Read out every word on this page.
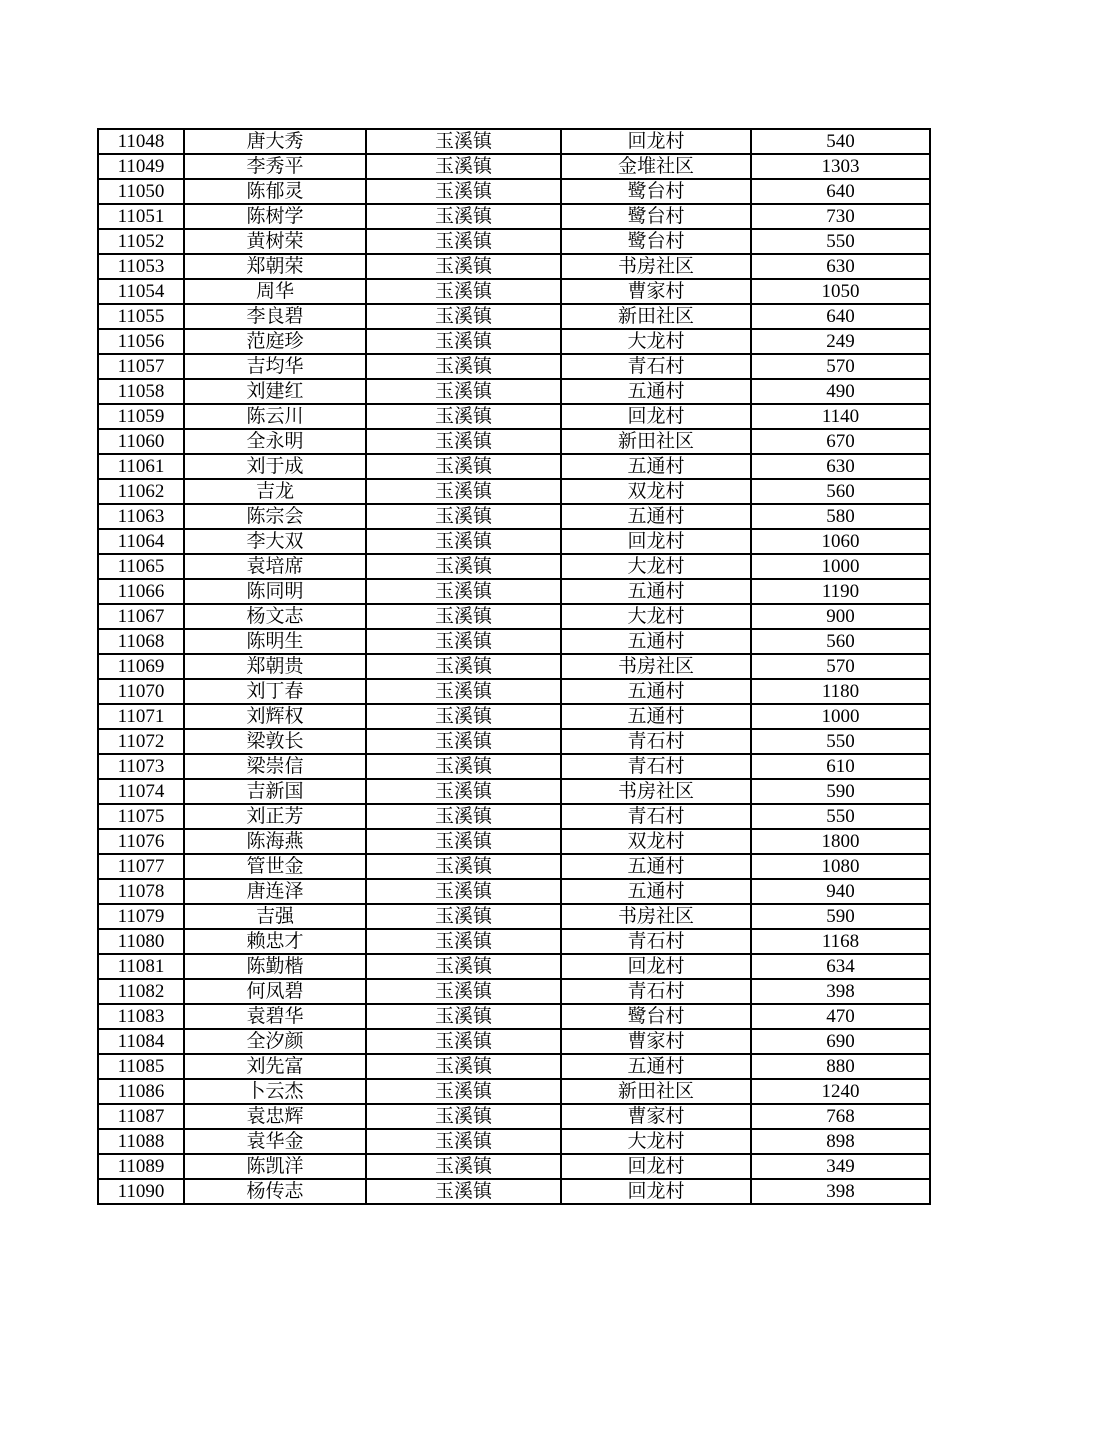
11048	唐大秀	玉溪镇	回龙村	540
11049	李秀平	玉溪镇	金堆社区	1303
11050	陈郁灵	玉溪镇	鹭台村	640
11051	陈树学	玉溪镇	鹭台村	730
11052	黄树荣	玉溪镇	鹭台村	550
11053	郑朝荣	玉溪镇	书房社区	630
11054	周华	玉溪镇	曹家村	1050
11055	李良碧	玉溪镇	新田社区	640
11056	范庭珍	玉溪镇	大龙村	249
11057	吉均华	玉溪镇	青石村	570
11058	刘建红	玉溪镇	五通村	490
11059	陈云川	玉溪镇	回龙村	1140
11060	全永明	玉溪镇	新田社区	670
11061	刘于成	玉溪镇	五通村	630
11062	吉龙	玉溪镇	双龙村	560
11063	陈宗会	玉溪镇	五通村	580
11064	李大双	玉溪镇	回龙村	1060
11065	袁培席	玉溪镇	大龙村	1000
11066	陈同明	玉溪镇	五通村	1190
11067	杨文志	玉溪镇	大龙村	900
11068	陈明生	玉溪镇	五通村	560
11069	郑朝贵	玉溪镇	书房社区	570
11070	刘丁春	玉溪镇	五通村	1180
11071	刘辉权	玉溪镇	五通村	1000
11072	梁敦长	玉溪镇	青石村	550
11073	梁崇信	玉溪镇	青石村	610
11074	吉新国	玉溪镇	书房社区	590
11075	刘正芳	玉溪镇	青石村	550
11076	陈海燕	玉溪镇	双龙村	1800
11077	管世金	玉溪镇	五通村	1080
11078	唐连泽	玉溪镇	五通村	940
11079	吉强	玉溪镇	书房社区	590
11080	赖忠才	玉溪镇	青石村	1168
11081	陈勤楷	玉溪镇	回龙村	634
11082	何凤碧	玉溪镇	青石村	398
11083	袁碧华	玉溪镇	鹭台村	470
11084	全汐颜	玉溪镇	曹家村	690
11085	刘先富	玉溪镇	五通村	880
11086	卜云杰	玉溪镇	新田社区	1240
11087	袁忠辉	玉溪镇	曹家村	768
11088	袁华金	玉溪镇	大龙村	898
11089	陈凯洋	玉溪镇	回龙村	349
11090	杨传志	玉溪镇	回龙村	398
